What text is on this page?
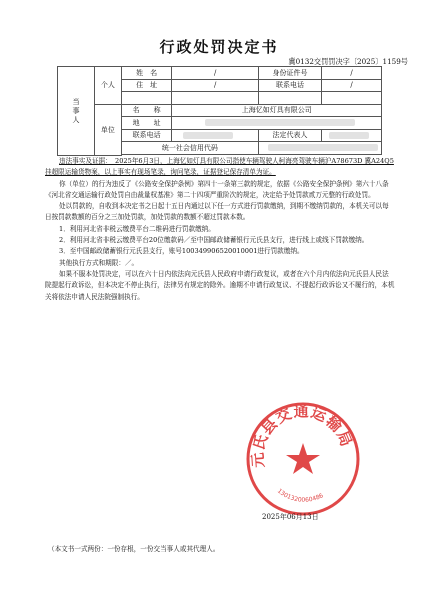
行政处罚决定书
冀0132交罚罚决字〔2025〕1159号
当事人	个人	姓　名	/	身份证件号	/
		住　址	/	联系电话	/

	单位	名　　称	上海忆如灯具有限公司		
		地　　址			
		联系电话		法定代表人	
		统一社会信用代码			

违法事实及证据：　2025年6月3日，上海忆如灯具有限公司指使车辆驾驶人柯海亮驾驶车辆沪A78673D 冀A24Q5挂超限运输货物案，以上事实有现场笔录，询问笔录，证据登记保存清单为证。

你（单位）的行为违反了《公路安全保护条例》第四十一条第三款的规定，依据《公路安全保护条例》第六十八条《河北省交通运输行政处罚自由裁量权基准》第二十四项严重阶次的规定，决定给予处罚款贰万元整的行政处罚。

处以罚款的，自收到本决定书之日起十五日内通过以下任一方式进行罚款缴纳，到期不缴纳罚款的，本机关可以每日按罚款数额的百分之三加处罚款，加处罚款的数额不超过罚款本数。

1．利用河北省非税云缴费平台二维码进行罚款缴纳。

2．利用河北省非税云缴费平台20位缴款码／至中国邮政储蓄银行元氏县支行，进行线上或线下罚款缴纳。

3．至中国邮政储蓄银行元氏县支行，账号100349906520010001进行罚款缴纳。

其他执行方式和期限：／。

如果不服本处罚决定，可以在六十日内依法向元氏县人民政府申请行政复议，或者在六个月内依法向元氏县人民法院提起行政诉讼，但本决定不停止执行，法律另有规定的除外。逾期不申请行政复议、不提起行政诉讼又不履行的，本机关将依法申请人民法院强制执行。

元氏县交通运输局
1301320060486
2025年06月13日
（本文书一式两份：一份存根，一份交当事人或其代理人。
